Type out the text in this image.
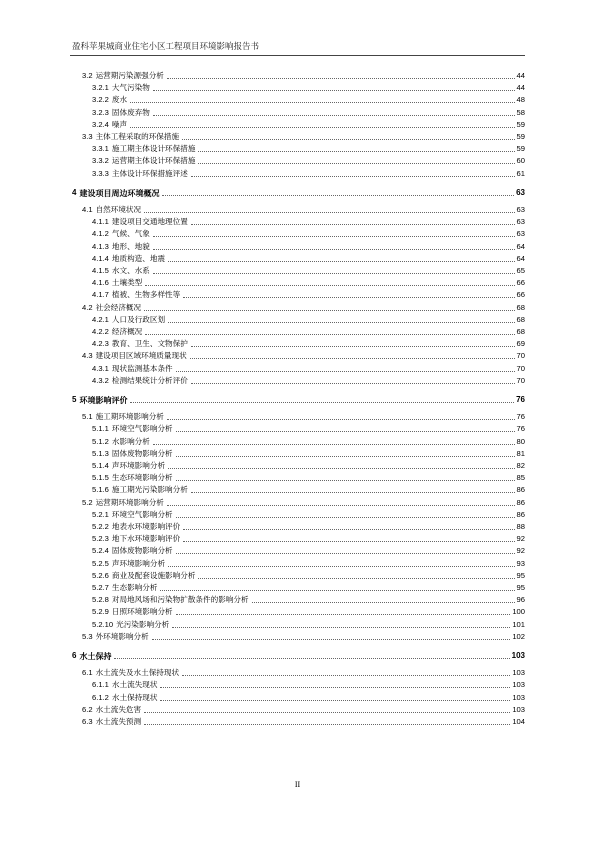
盈科苹果城商业住宅小区工程项目环境影响报告书
3.2 运营期污染源强分析	44
3.2.1 大气污染物	44
3.2.2 废水	48
3.2.3 固体废弃物	58
3.2.4 噪声	59
3.3 主体工程采取的环保措施	59
3.3.1 施工期主体设计环保措施	59
3.3.2 运营期主体设计环保措施	60
3.3.3 主体设计环保措施评述	61
4 建设项目周边环境概况	63
4.1 自然环境状况	63
4.1.1 建设项目交通地理位置	63
4.1.2 气候、气象	63
4.1.3 地形、地貌	64
4.1.4 地质构造、地震	64
4.1.5 水文、水系	65
4.1.6 土壤类型	66
4.1.7 植被、生物多样性等	66
4.2 社会经济概况	68
4.2.1 人口及行政区划	68
4.2.2 经济概况	68
4.2.3 教育、卫生、文物保护	69
4.3 建设项目区域环境质量现状	70
4.3.1 现状监测基本条件	70
4.3.2 检测结果统计分析评价	70
5 环境影响评价	76
5.1 施工期环境影响分析	76
5.1.1 环境空气影响分析	76
5.1.2 水影响分析	80
5.1.3 固体废物影响分析	81
5.1.4 声环境影响分析	82
5.1.5 生态环境影响分析	85
5.1.6 施工期光污染影响分析	86
5.2 运营期环境影响分析	86
5.2.1 环境空气影响分析	86
5.2.2 地表水环境影响评价	88
5.2.3 地下水环境影响评价	92
5.2.4 固体废物影响分析	92
5.2.5 声环境影响分析	93
5.2.6 商业及配套设施影响分析	95
5.2.7 生态影响分析	95
5.2.8 对局地风场和污染物扩散条件的影响分析	96
5.2.9 日照环境影响分析	100
5.2.10 光污染影响分析	101
5.3 外环境影响分析	102
6 水土保持	103
6.1 水土流失及水土保持现状	103
6.1.1 水土流失现状	103
6.1.2 水土保持现状	103
6.2 水土流失危害	103
6.3 水土流失预测	104
II
